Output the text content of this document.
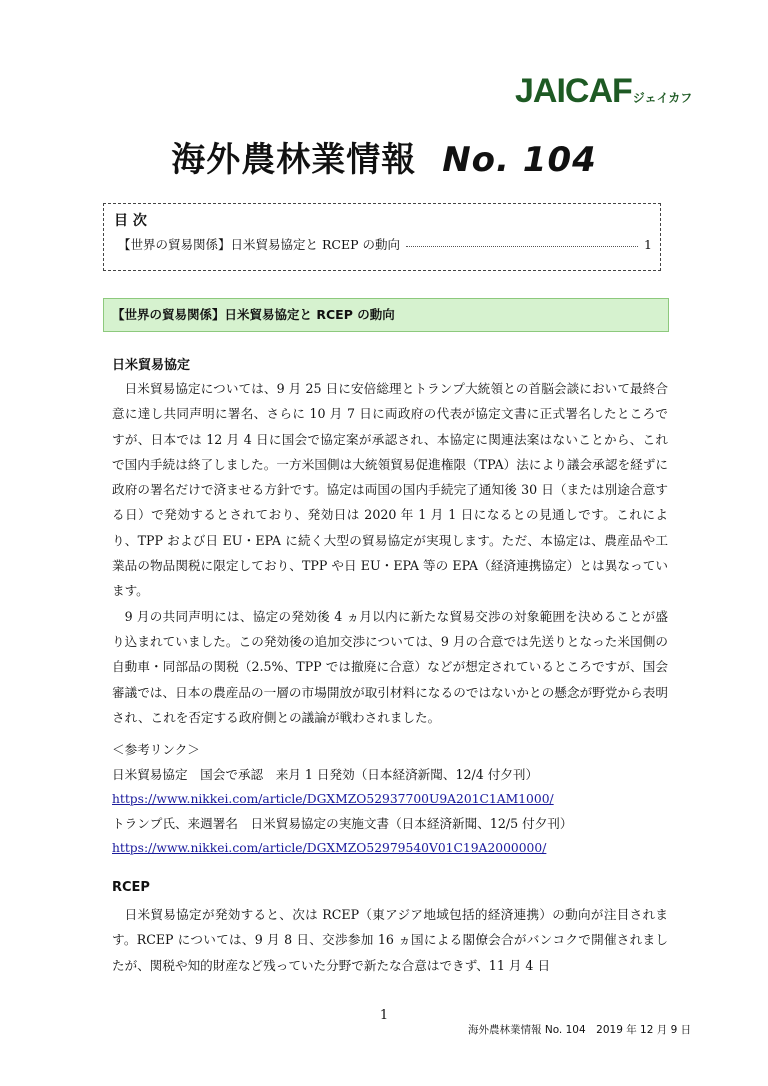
JAICAF ジェイカフ
海外農林業情報 No. 104
目 次
【世界の貿易関係】日米貿易協定と RCEP の動向	1
【世界の貿易関係】日米貿易協定と RCEP の動向
日米貿易協定

日米貿易協定については、9 月 25 日に安倍総理とトランプ大統領との首脳会談において最終合意に達し共同声明に署名、さらに 10 月 7 日に両政府の代表が協定文書に正式署名したところですが、日本では 12 月 4 日に国会で協定案が承認され、本協定に関連法案はないことから、これで国内手続は終了しました。一方米国側は大統領貿易促進権限（TPA）法により議会承認を経ずに政府の署名だけで済ませる方針です。協定は両国の国内手続完了通知後 30 日（または別途合意する日）で発効するとされており、発効日は 2020 年 1 月 1 日になるとの見通しです。これにより、TPP および日 EU・EPA に続く大型の貿易協定が実現します。ただ、本協定は、農産品や工業品の物品関税に限定しており、TPP や日 EU・EPA 等の EPA（経済連携協定）とは異なっています。

9 月の共同声明には、協定の発効後 4 ヵ月以内に新たな貿易交渉の対象範囲を決めることが盛り込まれていました。この発効後の追加交渉については、9 月の合意では先送りとなった米国側の自動車・同部品の関税（2.5%、TPP では撤廃に合意）などが想定されているところですが、国会審議では、日本の農産品の一層の市場開放が取引材料になるのではないかとの懸念が野党から表明され、これを否定する政府側との議論が戦わされました。

＜参考リンク＞
日米貿易協定　国会で承認　来月 1 日発効（日本経済新聞、12/4 付夕刊）
https://www.nikkei.com/article/DGXMZO52937700U9A201C1AM1000/
トランプ氏、来週署名　日米貿易協定の実施文書（日本経済新聞、12/5 付夕刊）
https://www.nikkei.com/article/DGXMZO52979540V01C19A2000000/
RCEP

日米貿易協定が発効すると、次は RCEP（東アジア地域包括的経済連携）の動向が注目されます。RCEP については、9 月 8 日、交渉参加 16 ヵ国による閣僚会合がバンコクで開催されましたが、関税や知的財産など残っていた分野で新たな合意はできず、11 月 4 日

1
海外農林業情報 No. 104　2019 年 12 月 9 日
